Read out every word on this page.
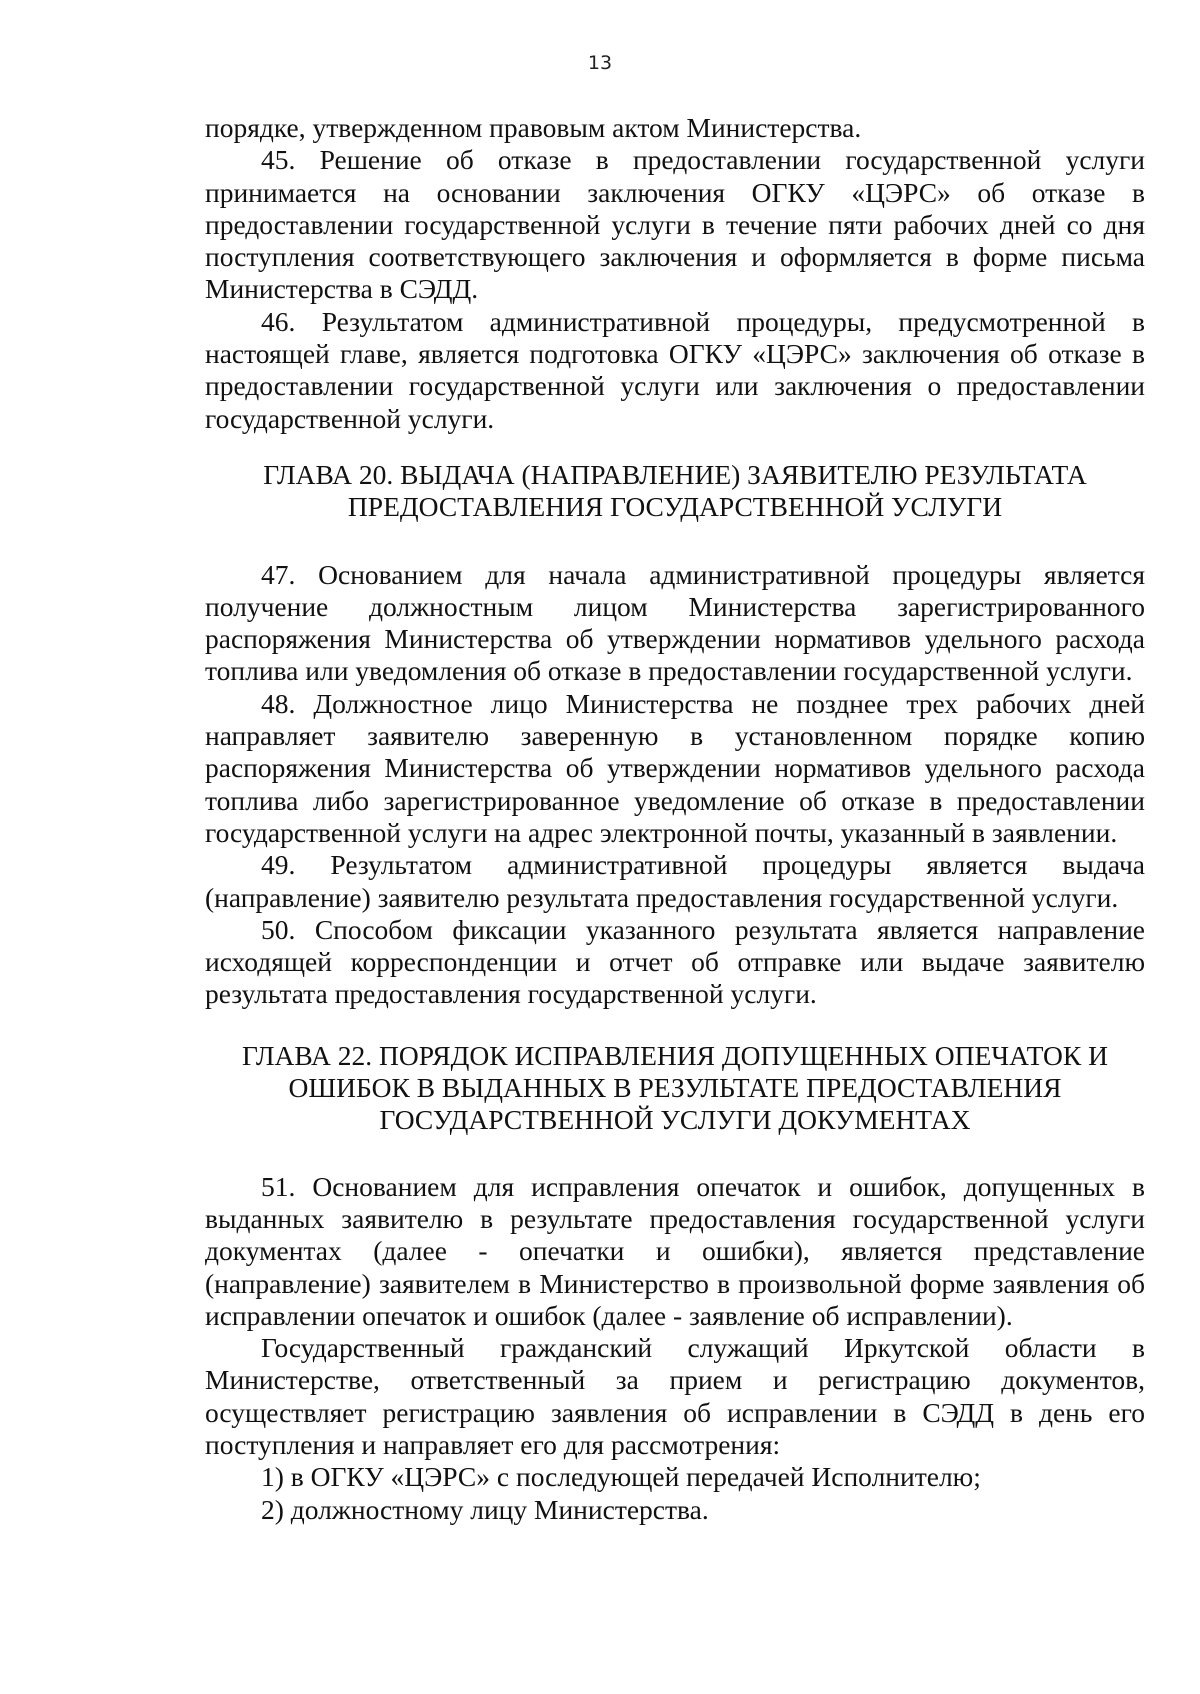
13

порядке, утвержденном правовым актом Министерства.

45. Решение об отказе в предоставлении государственной услуги принимается на основании заключения ОГКУ «ЦЭРС» об отказе в предоставлении государственной услуги в течение пяти рабочих дней со дня поступления соответствующего заключения и оформляется в форме письма Министерства в СЭДД.

46. Результатом административной процедуры, предусмотренной в настоящей главе, является подготовка ОГКУ «ЦЭРС» заключения об отказе в предоставлении государственной услуги или заключения о предоставлении государственной услуги.

ГЛАВА 20. ВЫДАЧА (НАПРАВЛЕНИЕ) ЗАЯВИТЕЛЮ РЕЗУЛЬТАТА

ПРЕДОСТАВЛЕНИЯ ГОСУДАРСТВЕННОЙ УСЛУГИ

47. Основанием для начала административной процедуры является получение должностным лицом Министерства зарегистрированного распоряжения Министерства об утверждении нормативов удельного расхода топлива или уведомления об отказе в предоставлении государственной услуги.

48. Должностное лицо Министерства не позднее трех рабочих дней направляет заявителю заверенную в установленном порядке копию распоряжения Министерства об утверждении нормативов удельного расхода топлива либо зарегистрированное уведомление об отказе в предоставлении государственной услуги на адрес электронной почты, указанный в заявлении.

49. Результатом административной процедуры является выдача (направление) заявителю результата предоставления государственной услуги.

50. Способом фиксации указанного результата является направление исходящей корреспонденции и отчет об отправке или выдаче заявителю результата предоставления государственной услуги.

ГЛАВА 22. ПОРЯДОК ИСПРАВЛЕНИЯ ДОПУЩЕННЫХ ОПЕЧАТОК И

ОШИБОК В ВЫДАННЫХ В РЕЗУЛЬТАТЕ ПРЕДОСТАВЛЕНИЯ

ГОСУДАРСТВЕННОЙ УСЛУГИ ДОКУМЕНТАХ

51. Основанием для исправления опечаток и ошибок, допущенных в выданных заявителю в результате предоставления государственной услуги документах (далее - опечатки и ошибки), является представление (направление) заявителем в Министерство в произвольной форме заявления об исправлении опечаток и ошибок (далее - заявление об исправлении).

Государственный гражданский служащий Иркутской области в Министерстве, ответственный за прием и регистрацию документов, осуществляет регистрацию заявления об исправлении в СЭДД в день его поступления и направляет его для рассмотрения:

1) в ОГКУ «ЦЭРС» с последующей передачей Исполнителю;

2) должностному лицу Министерства.
